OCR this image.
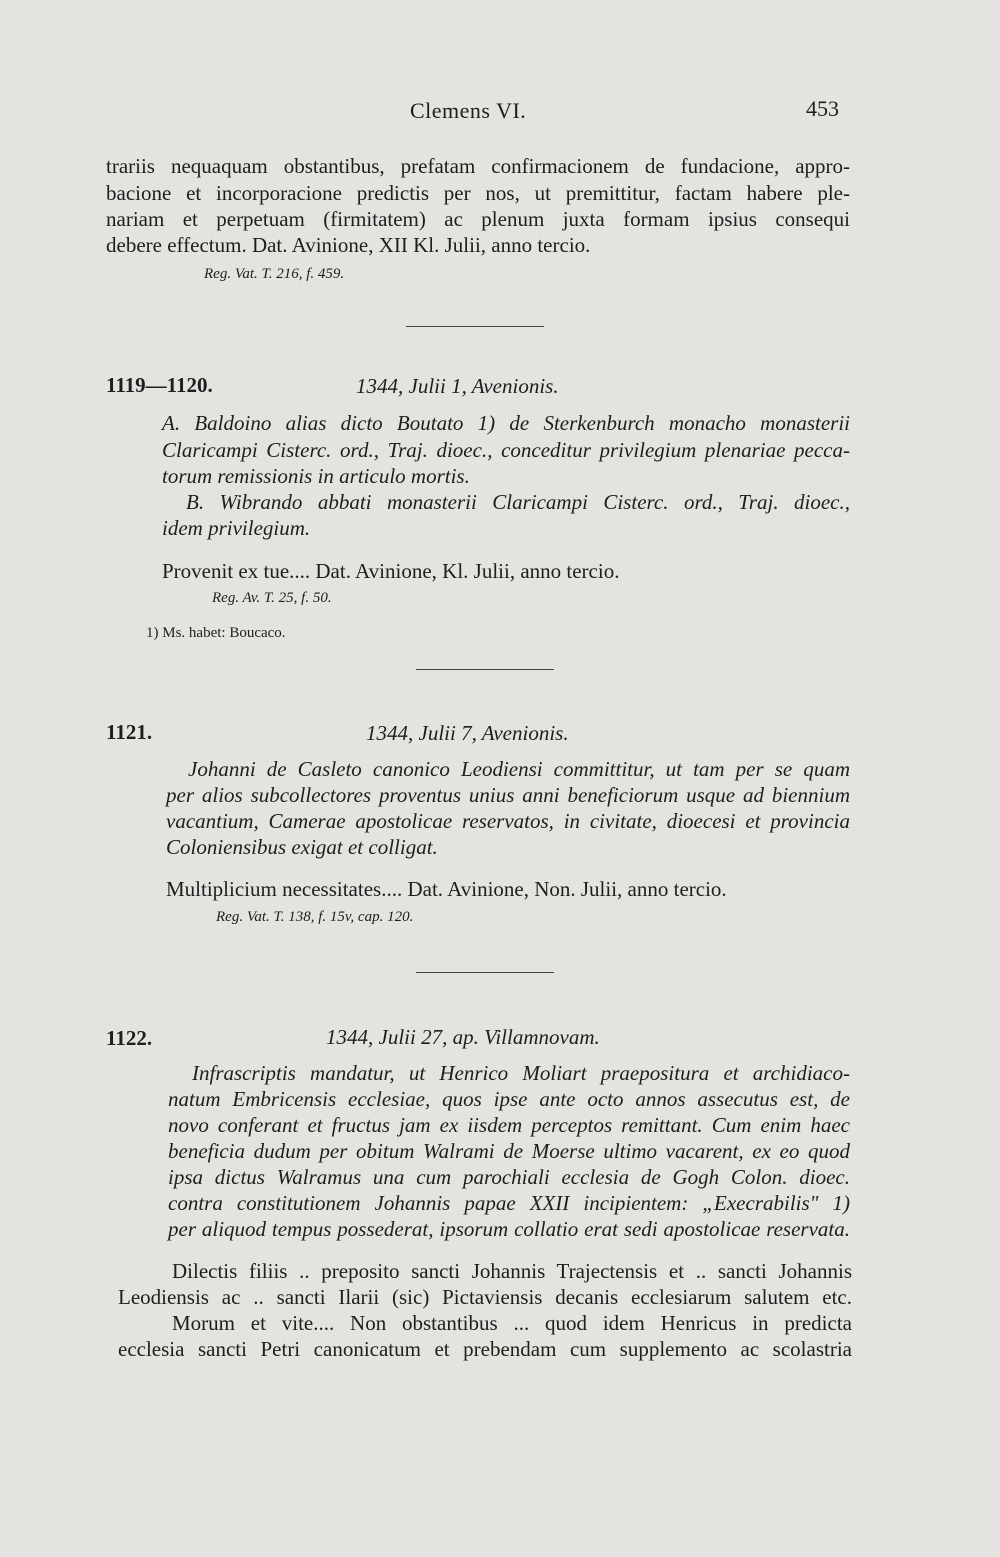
Clemens VI.	453
trariis nequaquam obstantibus, prefatam confirmacionem de fundacione, appro-
bacione et incorporacione predictis per nos, ut premittitur, factam habere ple-
nariam et perpetuam (firmitatem) ac plenum juxta formam ipsius consequi
debere effectum. Dat. Avinione, XII Kl. Julii, anno tercio.
Reg. Vat. T. 216, f. 459.
1119—1120.	1344, Julii 1, Avenionis.
A. Baldoino alias dicto Boutato 1) de Sterkenburch monacho monasterii
Claricampi Cisterc. ord., Traj. dioec., conceditur privilegium plenariae pecca-
torum remissionis in articulo mortis.
B. Wibrando abbati monasterii Claricampi Cisterc. ord., Traj. dioec.,
idem privilegium.
Provenit ex tue.... Dat. Avinione, Kl. Julii, anno tercio.
Reg. Av. T. 25, f. 50.
1) Ms. habet: Boucaco.
1121.	1344, Julii 7, Avenionis.
Johanni de Casleto canonico Leodiensi committitur, ut tam per se quam
per alios subcollectores proventus unius anni beneficiorum usque ad biennium
vacantium, Camerae apostolicae reservatos, in civitate, dioecesi et provincia
Coloniensibus exigat et colligat.
Multiplicium necessitates.... Dat. Avinione, Non. Julii, anno tercio.
Reg. Vat. T. 138, f. 15v, cap. 120.
1122.	1344, Julii 27, ap. Villamnovam.
Infrascriptis mandatur, ut Henrico Moliart praepositura et archidiaco-
natum Embricensis ecclesiae, quos ipse ante octo annos assecutus est, de
novo conferant et fructus jam ex iisdem perceptos remittant. Cum enim haec
beneficia dudum per obitum Walrami de Moerse ultimo vacarent, ex eo quod
ipsa dictus Walramus una cum parochiali ecclesia de Gogh Colon. dioec.
contra constitutionem Johannis papae XXII incipientem: „Execrabilis" 1)
per aliquod tempus possederat, ipsorum collatio erat sedi apostolicae reservata.
Dilectis filiis .. preposito sancti Johannis Trajectensis et .. sancti Johannis
Leodiensis ac .. sancti Ilarii (sic) Pictaviensis decanis ecclesiarum salutem etc.
Morum et vite.... Non obstantibus ... quod idem Henricus in predicta
ecclesia sancti Petri canonicatum et prebendam cum supplemento ac scolastria
